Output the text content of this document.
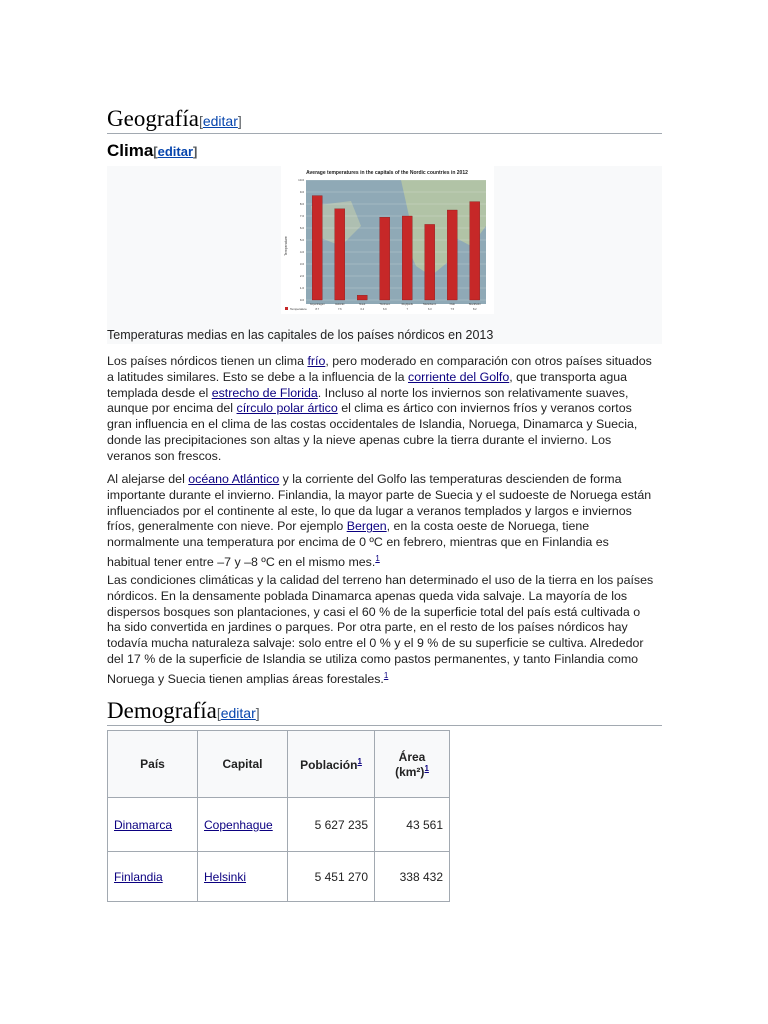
Geografía[editar]
Clima[editar]
Average temperatures in the capitals of the Nordic countries in 2012
Temperature
0.0
1.0
2.0
3.0
4.0
5.0
6.0
7.0
8.0
9.0
10.0
Copenhagen
8.7
Helsinki
7.6
Nuuk
0.4
Tórshavn
6.9
Reykjavík
7
Mariehamn
6.3
Oslo
7.5
Stockholm
8.2
Temperature
Temperaturas medias en las capitales de los países nórdicos en 2013

Los países nórdicos tienen un clima frío, pero moderado en comparación con otros países situados a latitudes similares. Esto se debe a la influencia de la corriente del Golfo, que transporta agua templada desde el estrecho de Florida. Incluso al norte los inviernos son relativamente suaves, aunque por encima del círculo polar ártico el clima es ártico con inviernos fríos y veranos cortos gran influencia en el clima de las costas occidentales de Islandia, Noruega, Dinamarca y Suecia, donde las precipitaciones son altas y la nieve apenas cubre la tierra durante el invierno. Los veranos son frescos.

Al alejarse del océano Atlántico y la corriente del Golfo las temperaturas descienden de forma importante durante el invierno. Finlandia, la mayor parte de Suecia y el sudoeste de Noruega están influenciados por el continente al este, lo que da lugar a veranos templados y largos e inviernos fríos, generalmente con nieve. Por ejemplo Bergen, en la costa oeste de Noruega, tiene normalmente una temperatura por encima de 0 ºC en febrero, mientras que en Finlandia es habitual tener entre –7 y –8 ºC en el mismo mes.$^1$

Las condiciones climáticas y la calidad del terreno han determinado el uso de la tierra en los países nórdicos. En la densamente poblada Dinamarca apenas queda vida salvaje. La mayoría de los dispersos bosques son plantaciones, y casi el 60 % de la superficie total del país está cultivada o ha sido convertida en jardines o parques. Por otra parte, en el resto de los países nórdicos hay todavía mucha naturaleza salvaje: solo entre el 0 % y el 9 % de su superficie se cultiva. Alrededor del 17 % de la superficie de Islandia se utiliza como pastos permanentes, y tanto Finlandia como Noruega y Suecia tienen amplias áreas forestales.$^1$

Demografía[editar]
País	Capital	Población$^1$	Área
(km²)$^1$
Dinamarca	Copenhague	5 627 235	43 561
Finlandia	Helsinki	5 451 270	338 432
